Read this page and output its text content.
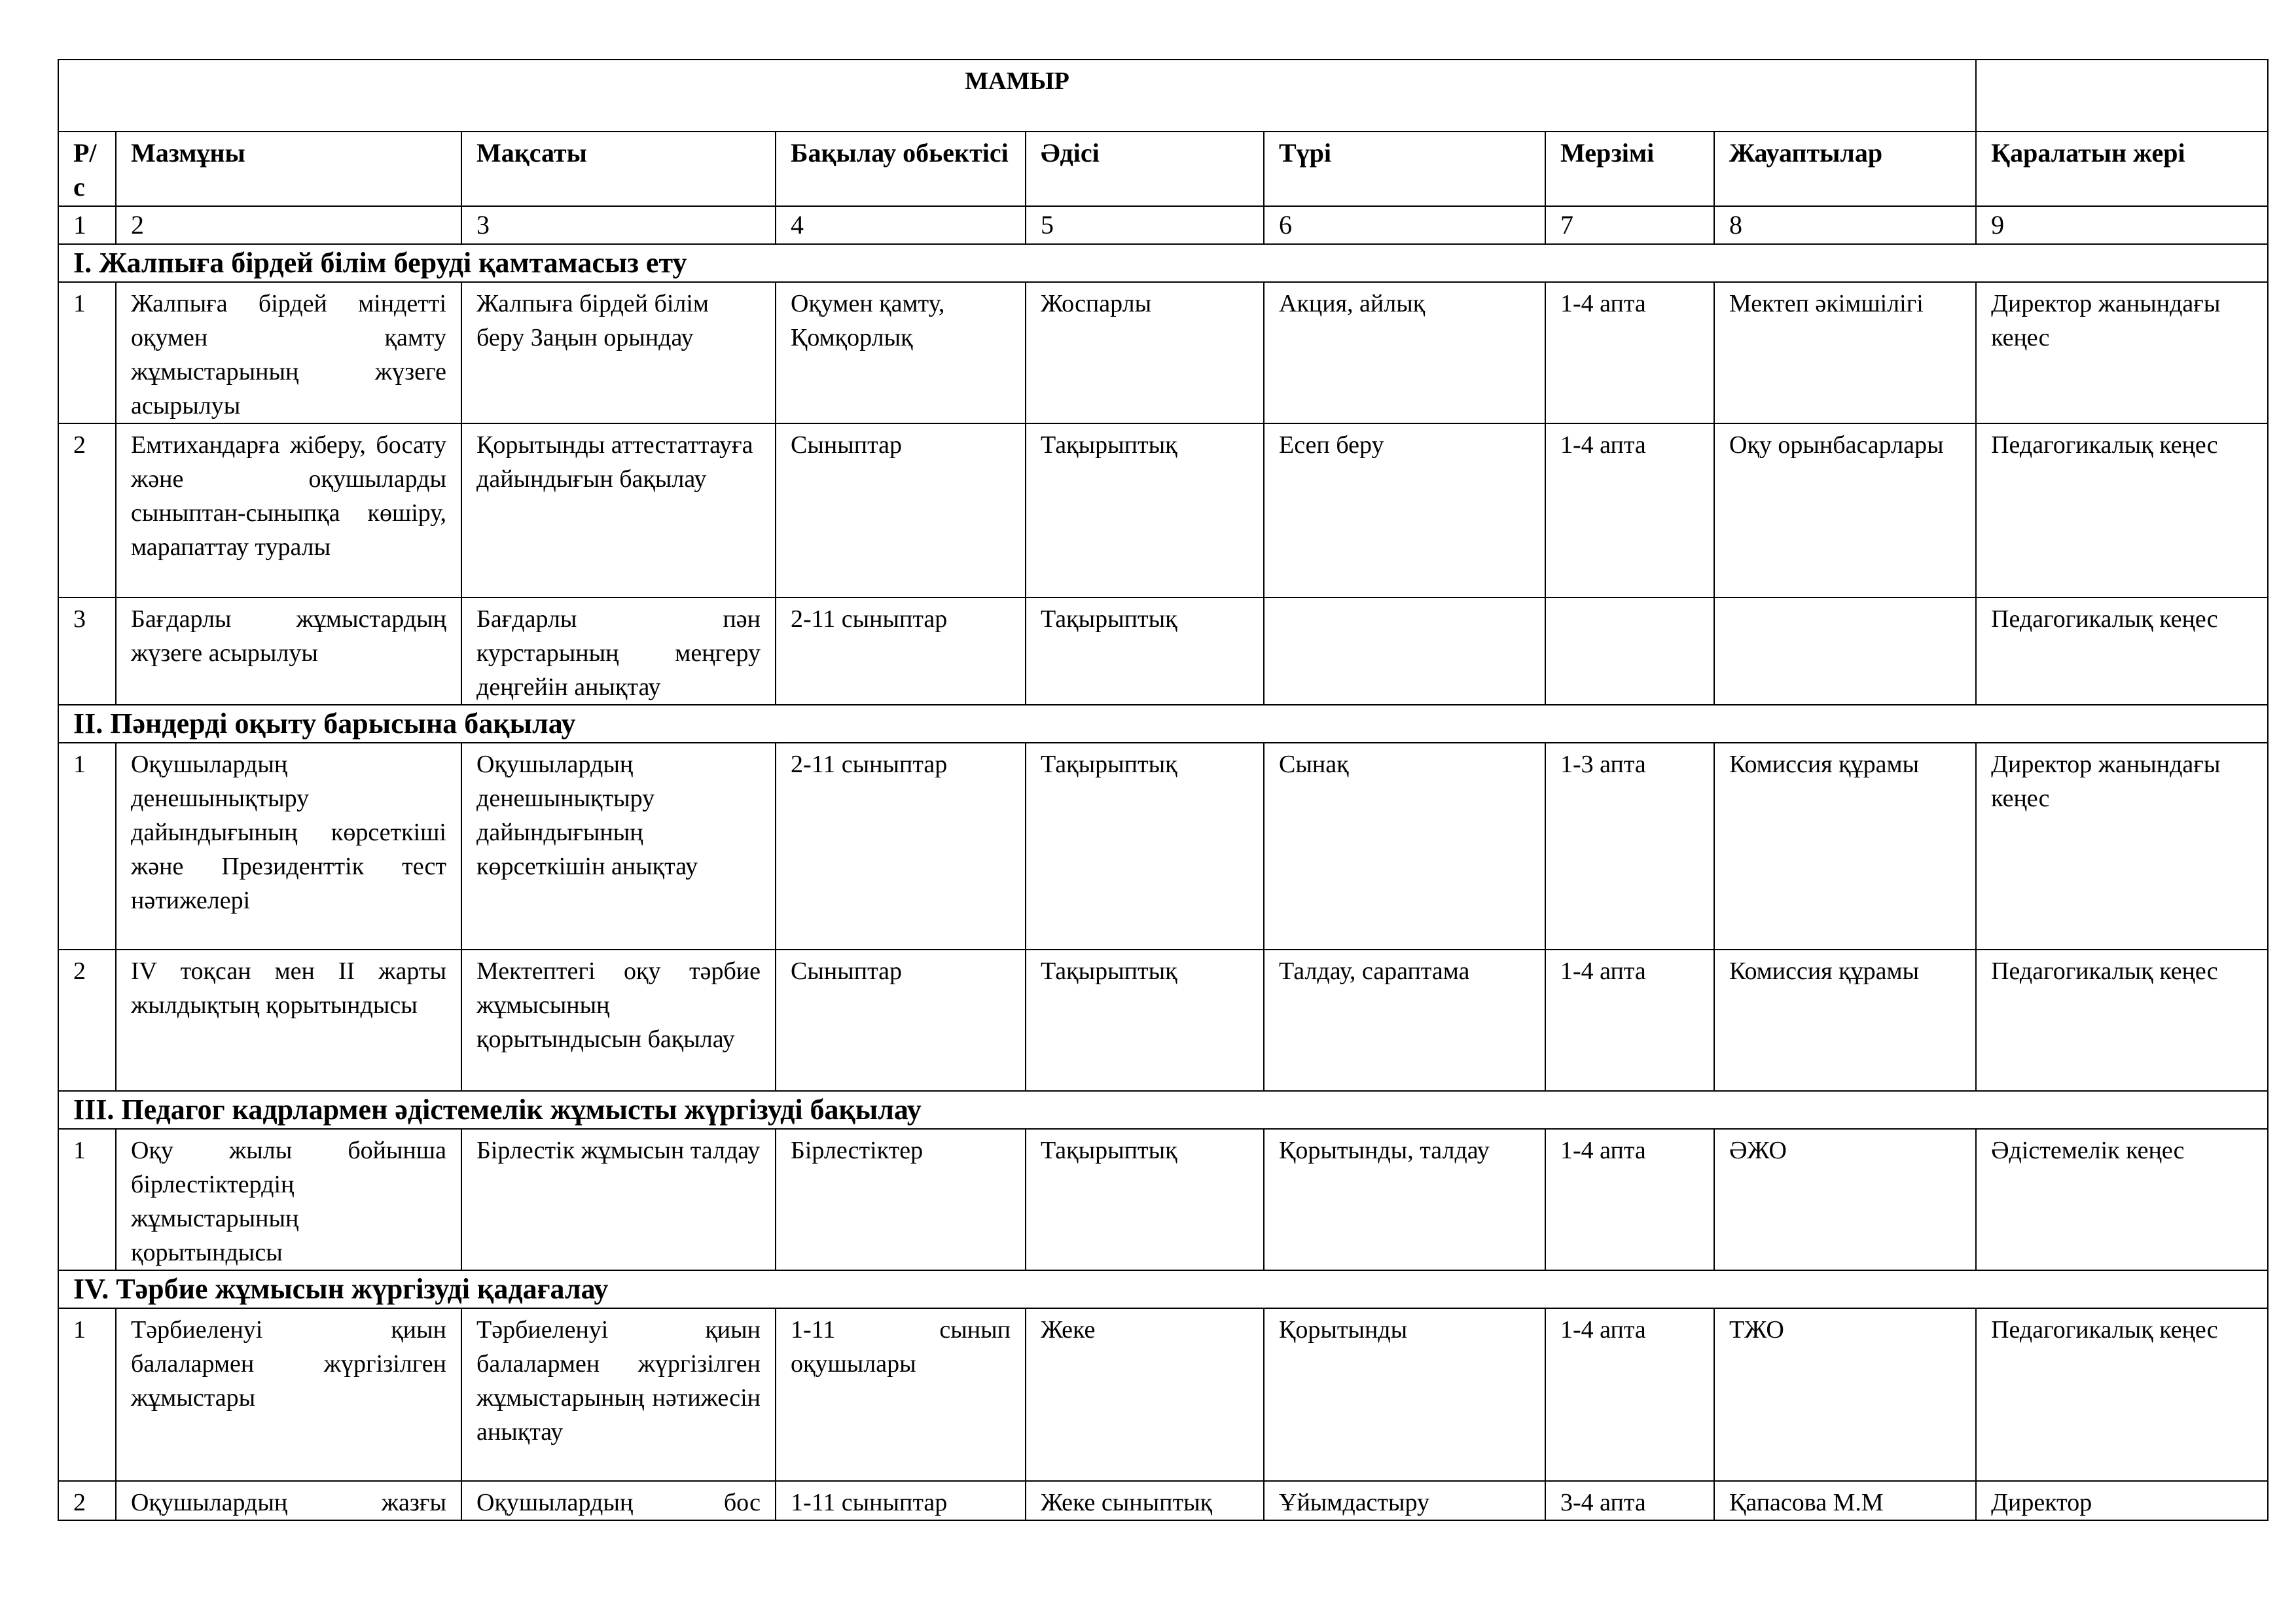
МАМЫР								
Р/с	Мазмұны	Мақсаты	Бақылау обьектісі	Әдісі	Түрі	Мерзімі	Жауаптылар	Қаралатын жері
1	2	3	4	5	6	7	8	9
І. Жалпыға бірдей білім беруді қамтамасыз ету								
1	Жалпыға бірдей міндетті оқумен қамту жұмыстарының жүзеге асырылуы	Жалпыға бірдей білім беру Заңын орындау	Оқумен қамту, Қомқорлық	Жоспарлы	Акция, айлық	1-4 апта	Мектеп әкімшілігі	Директор жанындағы кеңес
2	Емтихандарға жіберу, босату және оқушыларды сыныптан-сыныпқа көшіру, марапаттау туралы	Қорытынды аттестаттауға дайындығын бақылау	Сыныптар	Тақырыптық	Есеп беру	1-4 апта	Оқу орынбасарлары	Педагогикалық кеңес
3	Бағдарлы жұмыстардың жүзеге асырылуы	Бағдарлы пән курстарының меңгеру деңгейін анықтау	2-11 сыныптар	Тақырыптық				Педагогикалық кеңес
ІІ. Пәндерді оқыту барысына бақылау								
1	Оқушылардың денешынықтыру дайындығының көрсеткіші және Президенттік тест нәтижелері	Оқушылардың денешынықтыру дайындығының көрсеткішін анықтау	2-11 сыныптар	Тақырыптық	Сынақ	1-3 апта	Комиссия құрамы	Директор жанындағы кеңес
2	ІV тоқсан мен ІІ жарты жылдықтың қорытындысы	Мектептегі оқу тәрбие жұмысының қорытындысын бақылау	Сыныптар	Тақырыптық	Талдау, сараптама	1-4 апта	Комиссия құрамы	Педагогикалық кеңес
ІІІ. Педагог кадрлармен әдістемелік жұмысты жүргізуді бақылау								
1	Оқу жылы бойынша бірлестіктердің жұмыстарының қорытындысы	Бірлестік жұмысын талдау	Бірлестіктер	Тақырыптық	Қорытынды, талдау	1-4 апта	ӘЖО	Әдістемелік кеңес
ІV. Тәрбие жұмысын жүргізуді қадағалау								
1	Тәрбиеленуі қиын балалармен жүргізілген жұмыстары	Тәрбиеленуі қиын балалармен жүргізілген жұмыстарының нәтижесін анықтау	1-11 сынып оқушылары	Жеке	Қорытынды	1-4 апта	ТЖО	Педагогикалық кеңес
2	Оқушылардың жазғы	Оқушылардың бос	1-11 сыныптар	Жеке сыныптық	Ұйымдастыру	3-4 апта	Қапасова М.М	Директор
